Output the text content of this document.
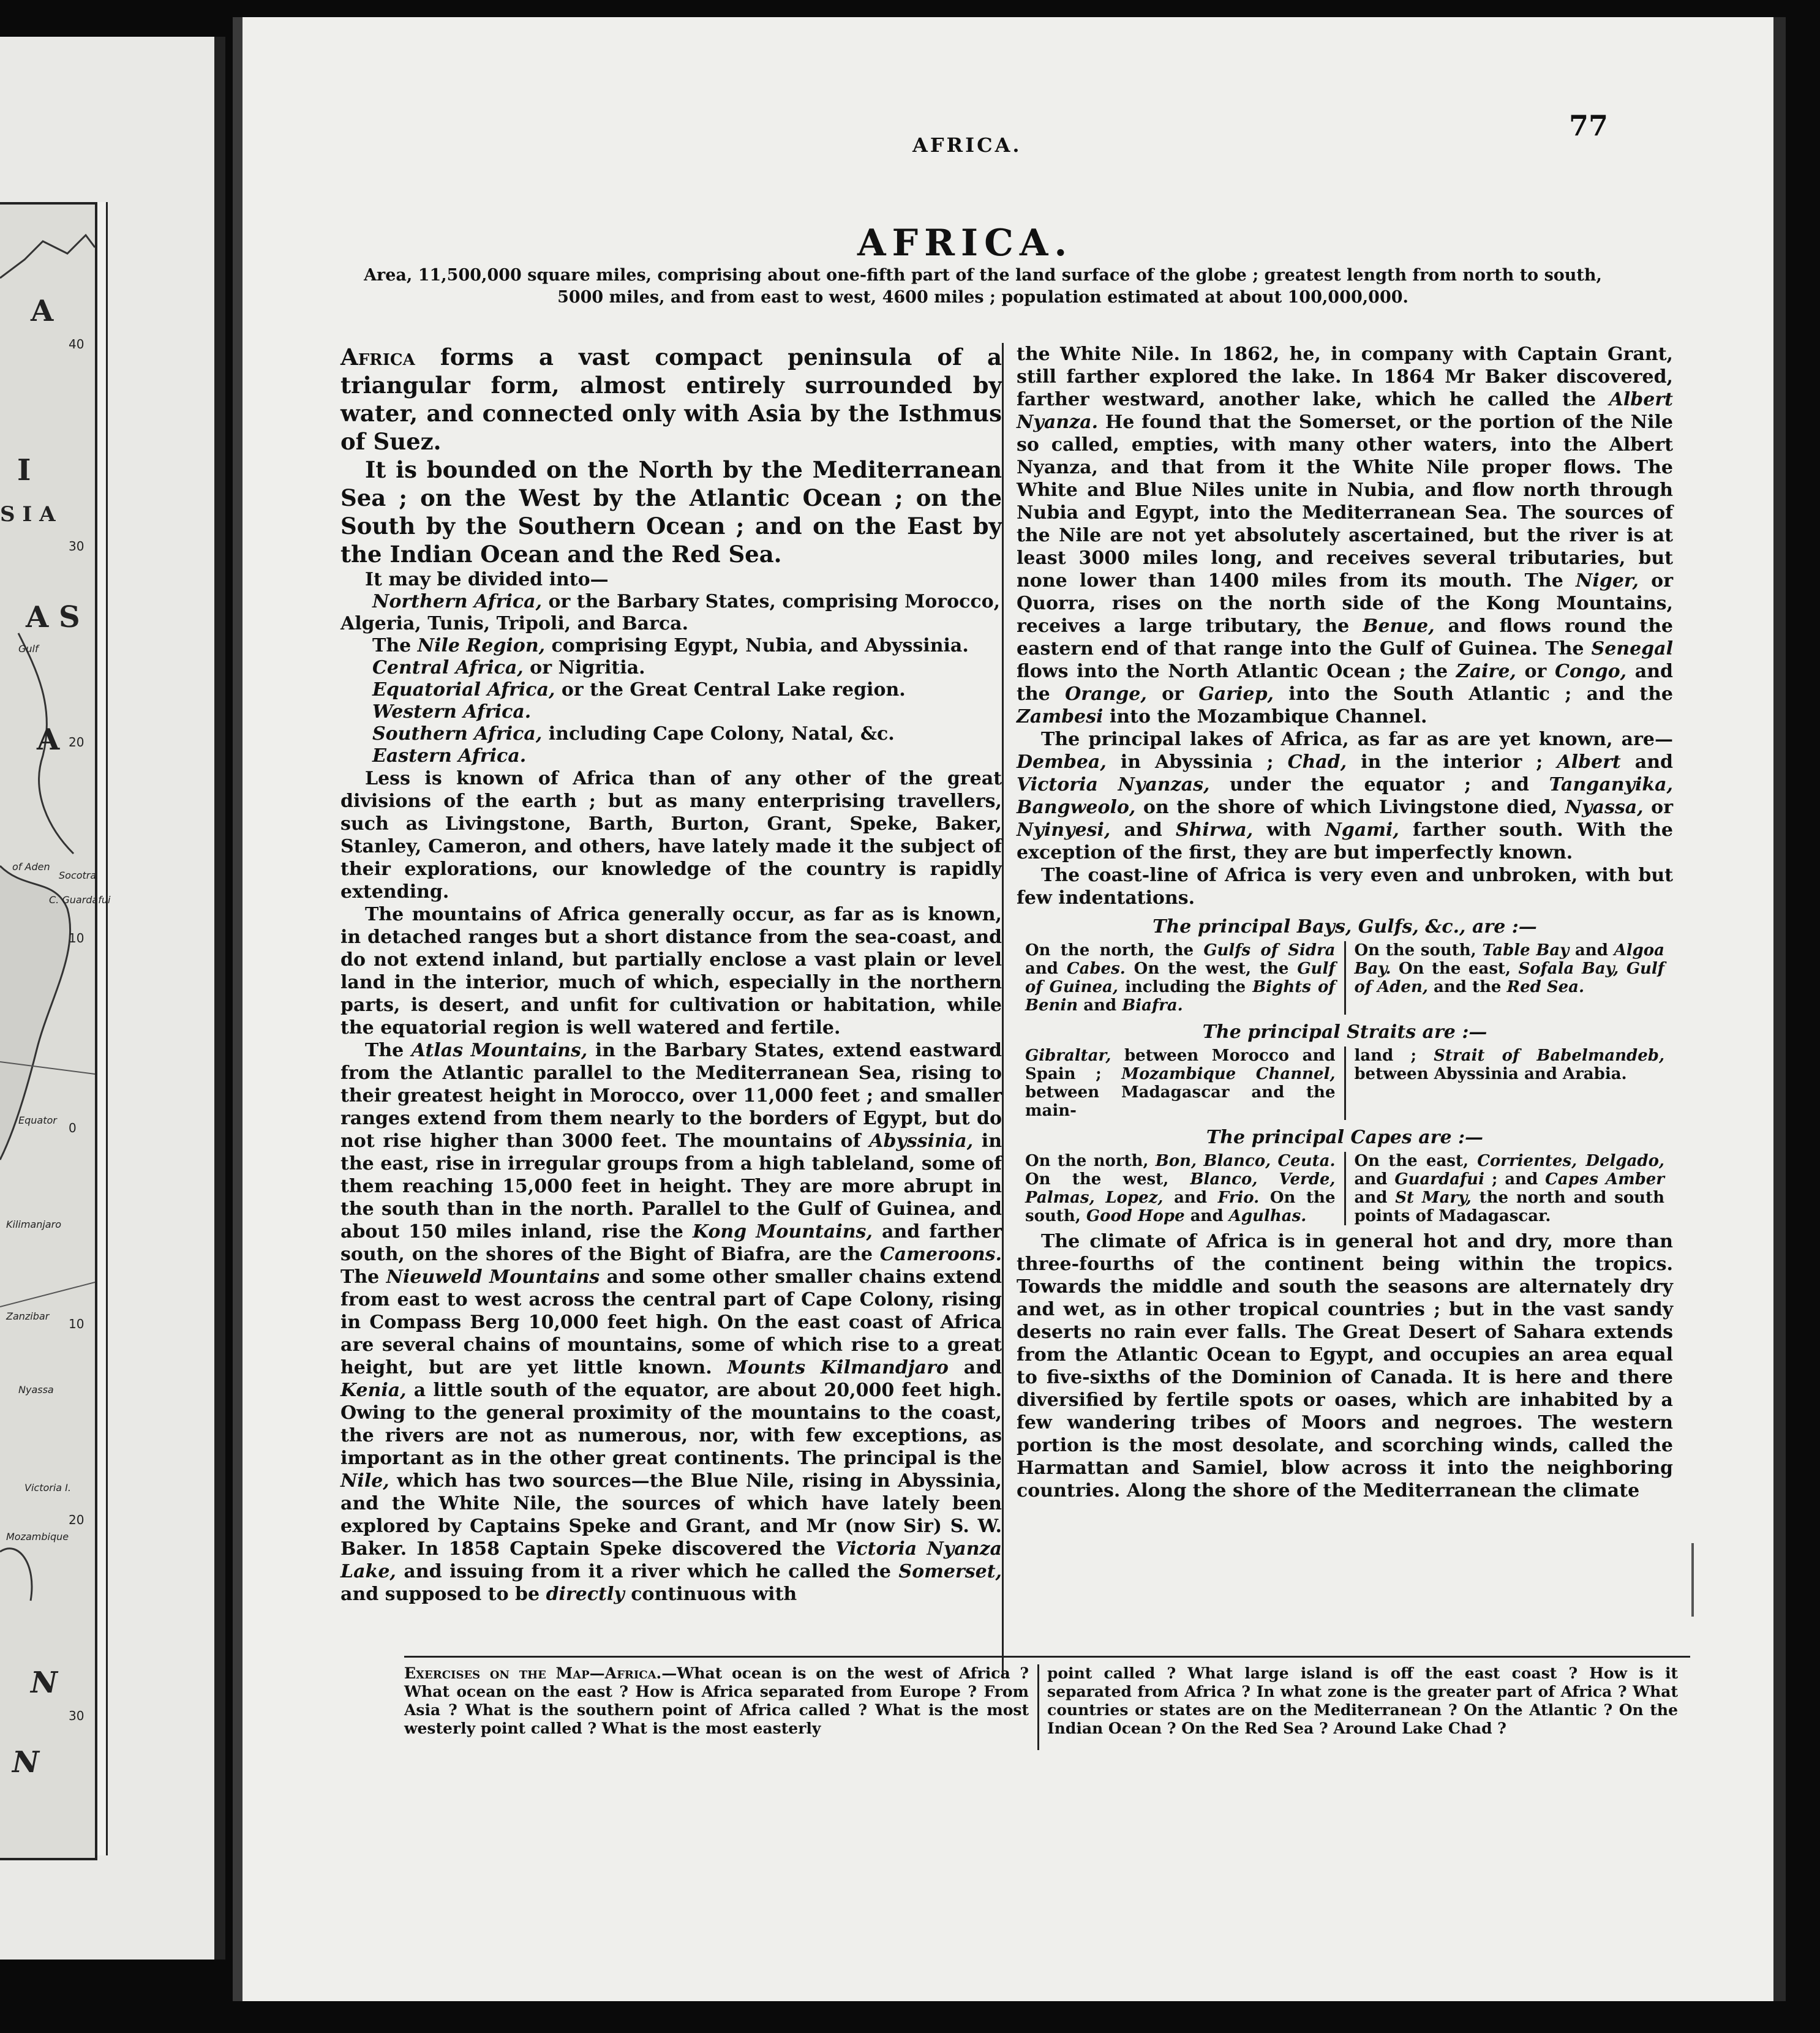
A
I
S I A
A S
A
N
N
40
30
20
10
0
10
20
30
Gulf
of Aden
Socotra
C. Guardafui
Zanzibar
Equator
Kilimanjaro
Nyassa
Victoria I.
Mozambique
AFRICA.
77
AFRICA.
Area, 11,500,000 square miles, comprising about one-fifth part of the land surface of the globe ; greatest length from north to south, 5000 miles, and from east to west, 4600 miles ; population estimated at about 100,000,000.

Africa forms a vast compact peninsula of a triangular form, almost entirely surrounded by water, and connected only with Asia by the Isthmus of Suez.

It is bounded on the North by the Mediterranean Sea ; on the West by the Atlantic Ocean ; on the South by the Southern Ocean ; and on the East by the Indian Ocean and the Red Sea.

It may be divided into—

Northern Africa, or the Barbary States, comprising Morocco,

Algeria, Tunis, Tripoli, and Barca.

The Nile Region, comprising Egypt, Nubia, and Abyssinia.

Central Africa, or Nigritia.

Equatorial Africa, or the Great Central Lake region.

Western Africa.

Southern Africa, including Cape Colony, Natal, &c.

Eastern Africa.

Less is known of Africa than of any other of the great divisions of the earth ; but as many enterprising travellers, such as Livingstone, Barth, Burton, Grant, Speke, Baker, Stanley, Cameron, and others, have lately made it the subject of their explorations, our knowledge of the country is rapidly extending.

The mountains of Africa generally occur, as far as is known, in detached ranges but a short distance from the sea-coast, and do not extend inland, but partially enclose a vast plain or level land in the interior, much of which, especially in the northern parts, is desert, and unfit for cultivation or habitation, while the equatorial region is well watered and fertile.

The Atlas Mountains, in the Barbary States, extend eastward from the Atlantic parallel to the Mediterranean Sea, rising to their greatest height in Morocco, over 11,000 feet ; and smaller ranges extend from them nearly to the borders of Egypt, but do not rise higher than 3000 feet. The mountains of Abyssinia, in the east, rise in irregular groups from a high tableland, some of them reaching 15,000 feet in height. They are more abrupt in the south than in the north. Parallel to the Gulf of Guinea, and about 150 miles inland, rise the Kong Mountains, and farther south, on the shores of the Bight of Biafra, are the Cameroons. The Nieuweld Mountains and some other smaller chains extend from east to west across the central part of Cape Colony, rising in Compass Berg 10,000 feet high. On the east coast of Africa are several chains of mountains, some of which rise to a great height, but are yet little known. Mounts Kilmandjaro and Kenia, a little south of the equator, are about 20,000 feet high. Owing to the general proximity of the mountains to the coast, the rivers are not as numerous, nor, with few exceptions, as important as in the other great continents. The principal is the Nile, which has two sources—the Blue Nile, rising in Abyssinia, and the White Nile, the sources of which have lately been explored by Captains Speke and Grant, and Mr (now Sir) S. W. Baker. In 1858 Captain Speke discovered the Victoria Nyanza Lake, and issuing from it a river which he called the Somerset, and supposed to be directly continuous with

the White Nile. In 1862, he, in company with Captain Grant, still farther explored the lake. In 1864 Mr Baker discovered, farther westward, another lake, which he called the Albert Nyanza. He found that the Somerset, or the portion of the Nile so called, empties, with many other waters, into the Albert Nyanza, and that from it the White Nile proper flows. The White and Blue Niles unite in Nubia, and flow north through Nubia and Egypt, into the Mediterranean Sea. The sources of the Nile are not yet absolutely ascertained, but the river is at least 3000 miles long, and receives several tributaries, but none lower than 1400 miles from its mouth. The Niger, or Quorra, rises on the north side of the Kong Mountains, receives a large tributary, the Benue, and flows round the eastern end of that range into the Gulf of Guinea. The Senegal flows into the North Atlantic Ocean ; the Zaire, or Congo, and the Orange, or Gariep, into the South Atlantic ; and the Zambesi into the Mozambique Channel.

The principal lakes of Africa, as far as are yet known, are—Dembea, in Abyssinia ; Chad, in the interior ; Albert and Victoria Nyanzas, under the equator ; and Tanganyika, Bangweolo, on the shore of which Livingstone died, Nyassa, or Nyinyesi, and Shirwa, with Ngami, farther south. With the exception of the first, they are but imperfectly known.

The coast-line of Africa is very even and unbroken, with but few indentations.

The principal Bays, Gulfs, &c., are :—

On the north, the Gulfs of Sidra and Cabes. On the west, the Gulf of Guinea, including the Bights of Benin and Biafra.
On the south, Table Bay and Algoa Bay. On the east, Sofala Bay, Gulf of Aden, and the Red Sea.

The principal Straits are :—

Gibraltar, between Morocco and Spain ; Mozambique Channel, between Madagascar and the main-
land ; Strait of Babelmandeb, between Abyssinia and Arabia.

The principal Capes are :—

On the north, Bon, Blanco, Ceuta. On the west, Blanco, Verde, Palmas, Lopez, and Frio. On the south, Good Hope and Agulhas.
On the east, Corrientes, Delgado, and Guardafui ; and Capes Amber and St Mary, the north and south points of Madagascar.

The climate of Africa is in general hot and dry, more than three-fourths of the continent being within the tropics. Towards the middle and south the seasons are alternately dry and wet, as in other tropical countries ; but in the vast sandy deserts no rain ever falls. The Great Desert of Sahara extends from the Atlantic Ocean to Egypt, and occupies an area equal to five-sixths of the Dominion of Canada. It is here and there diversified by fertile spots or oases, which are inhabited by a few wandering tribes of Moors and negroes. The western portion is the most desolate, and scorching winds, called the Harmattan and Samiel, blow across it into the neighboring countries. Along the shore of the Mediterranean the climate

Exercises on the Map—Africa.—What ocean is on the west of Africa ? What ocean on the east ? How is Africa separated from Europe ? From Asia ? What is the southern point of Africa called ? What is the most westerly point called ? What is the most easterly
point called ? What large island is off the east coast ? How is it separated from Africa ? In what zone is the greater part of Africa ? What countries or states are on the Mediterranean ? On the Atlantic ? On the Indian Ocean ? On the Red Sea ? Around Lake Chad ?
